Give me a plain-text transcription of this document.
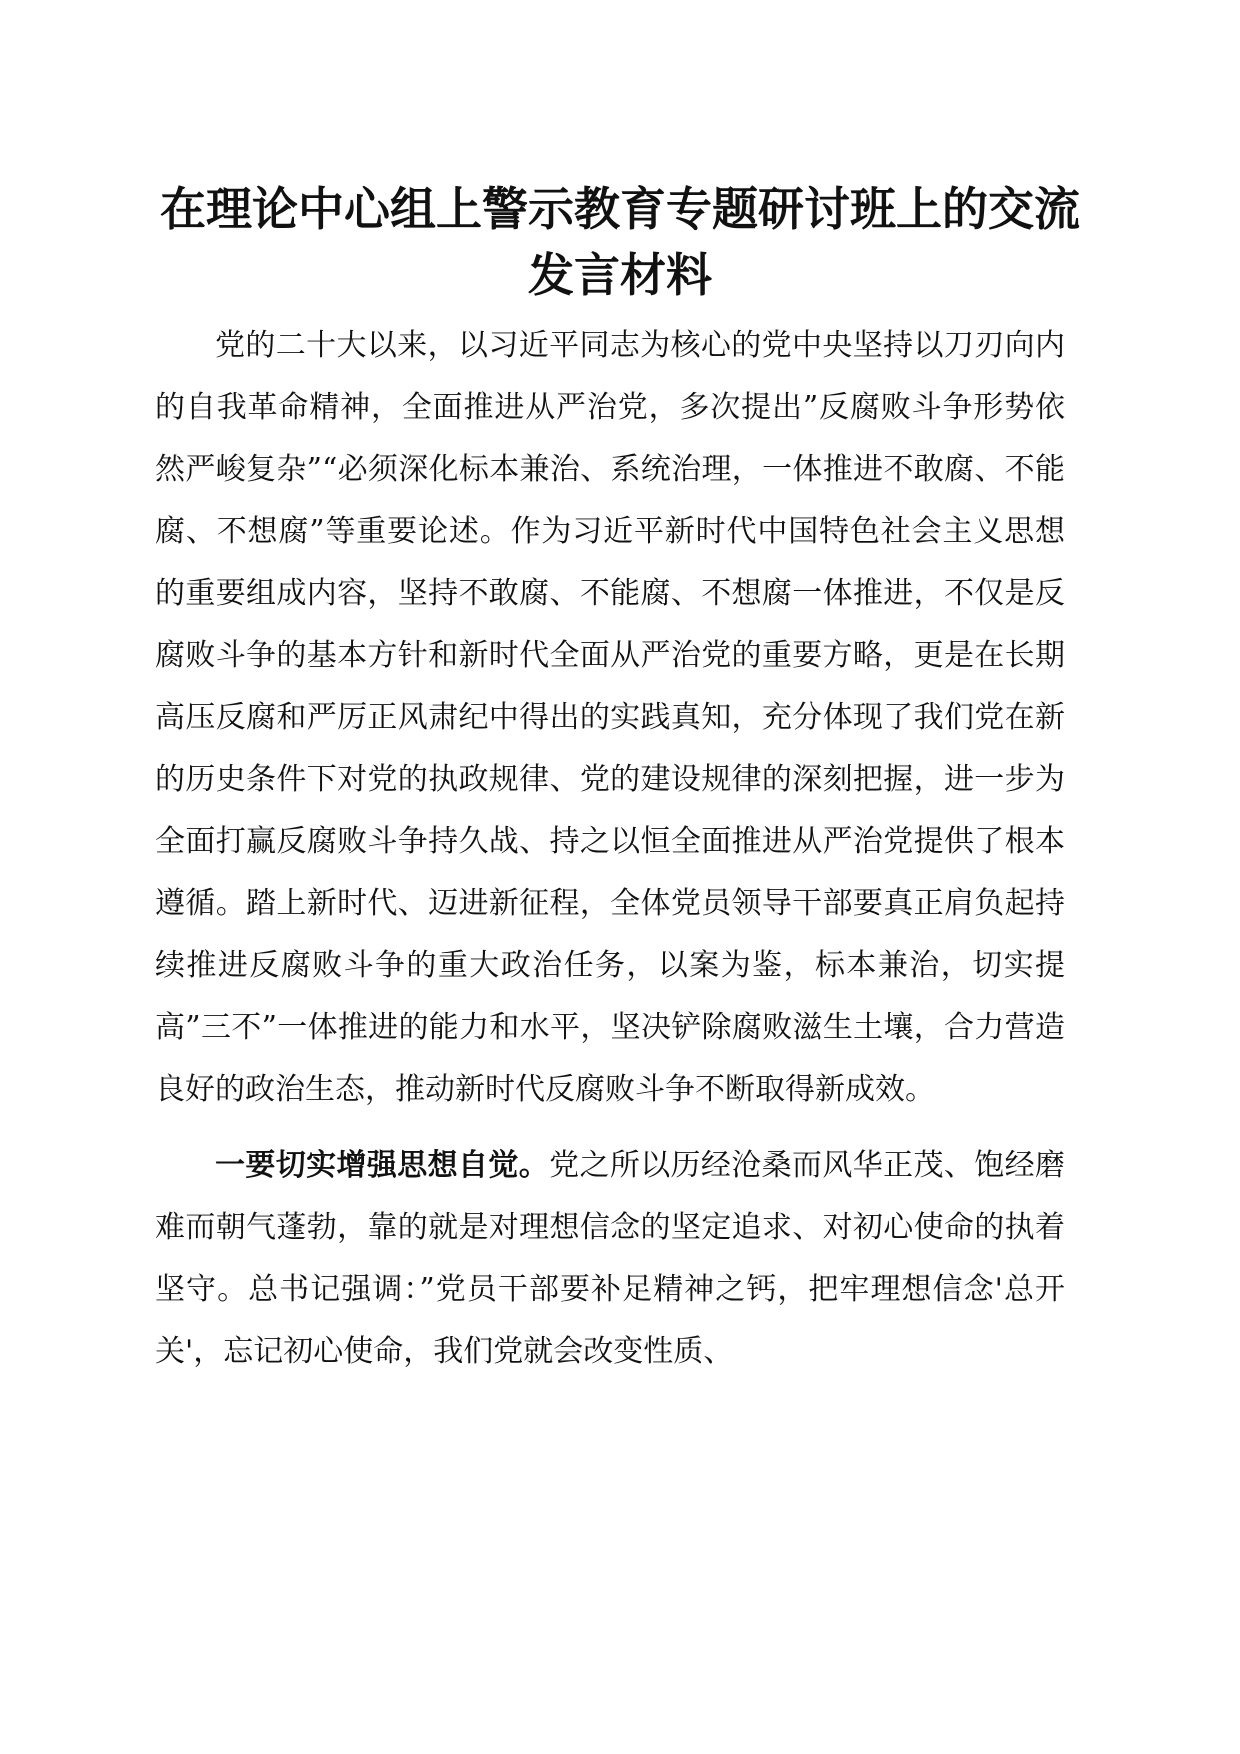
在理论中心组上警示教育专题研讨班上的交流
发言材料

党的二十大以来，以习近平同志为核心的党中央坚持以刀刃向内的自我革命精神，全面推进从严治党，多次提出”反腐败斗争形势依然严峻复杂”“必须深化标本兼治、系统治理，一体推进不敢腐、不能腐、不想腐”等重要论述。作为习近平新时代中国特色社会主义思想的重要组成内容，坚持不敢腐、不能腐、不想腐一体推进，不仅是反腐败斗争的基本方针和新时代全面从严治党的重要方略，更是在长期高压反腐和严厉正风肃纪中得出的实践真知，充分体现了我们党在新的历史条件下对党的执政规律、党的建设规律的深刻把握，进一步为全面打赢反腐败斗争持久战、持之以恒全面推进从严治党提供了根本遵循。踏上新时代、迈进新征程，全体党员领导干部要真正肩负起持续推进反腐败斗争的重大政治任务，以案为鉴，标本兼治，切实提高”三不”一体推进的能力和水平，坚决铲除腐败滋生土壤，合力营造良好的政治生态，推动新时代反腐败斗争不断取得新成效。

一要切实增强思想自觉。党之所以历经沧桑而风华正茂、饱经磨难而朝气蓬勃，靠的就是对理想信念的坚定追求、对初心使命的执着坚守。总书记强调：”党员干部要补足精神之钙，把牢理想信念'总开关'，忘记初心使命，我们党就会改变性质、
